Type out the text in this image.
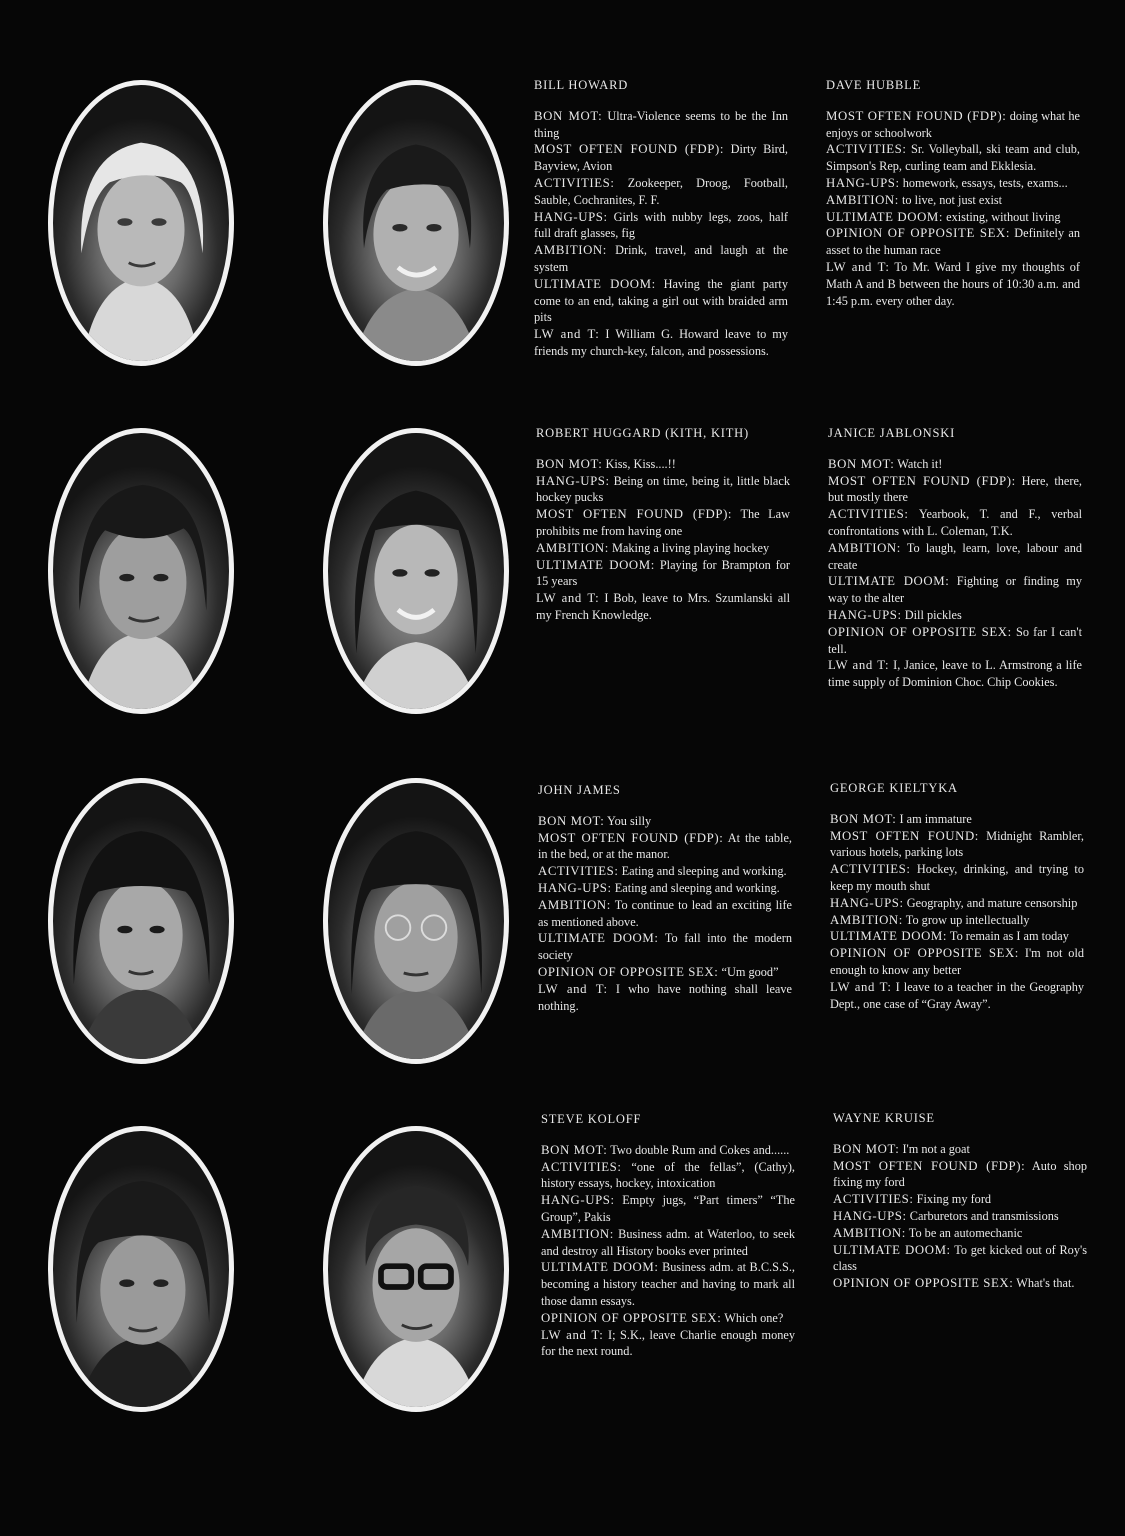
BILL HOWARD

BON MOT: Ultra-Violence seems to be the Inn thing

MOST OFTEN FOUND (FDP): Dirty Bird, Bayview, Avion

ACTIVITIES: Zookeeper, Droog, Football, Sauble, Cochranites, F. F.

HANG-UPS: Girls with nubby legs, zoos, half full draft glasses, fig

AMBITION: Drink, travel, and laugh at the system

ULTIMATE DOOM: Having the giant party come to an end, taking a girl out with braided arm pits

LW and T: I William G. Howard leave to my friends my church-key, falcon, and possessions.

DAVE HUBBLE

MOST OFTEN FOUND (FDP): doing what he enjoys or schoolwork

ACTIVITIES: Sr. Volleyball, ski team and club, Simpson's Rep, curling team and Ekklesia.

HANG-UPS: homework, essays, tests, exams...

AMBITION: to live, not just exist

ULTIMATE DOOM: existing, without living

OPINION OF OPPOSITE SEX: Definitely an asset to the human race

LW and T: To Mr. Ward I give my thoughts of Math A and B between the hours of 10:30 a.m. and 1:45 p.m. every other day.

ROBERT HUGGARD (KITH, KITH)

BON MOT: Kiss, Kiss....!!

HANG-UPS: Being on time, being it, little black hockey pucks

MOST OFTEN FOUND (FDP): The Law prohibits me from having one

AMBITION: Making a living playing hockey

ULTIMATE DOOM: Playing for Brampton for 15 years

LW and T: I Bob, leave to Mrs. Szumlanski all my French Knowledge.

JANICE JABLONSKI

BON MOT: Watch it!

MOST OFTEN FOUND (FDP): Here, there, but mostly there

ACTIVITIES: Yearbook, T. and F., verbal confrontations with L. Coleman, T.K.

AMBITION: To laugh, learn, love, labour and create

ULTIMATE DOOM: Fighting or finding my way to the alter

HANG-UPS: Dill pickles

OPINION OF OPPOSITE SEX: So far I can't tell.

LW and T: I, Janice, leave to L. Armstrong a life time supply of Dominion Choc. Chip Cookies.

JOHN JAMES

BON MOT: You silly

MOST OFTEN FOUND (FDP): At the table, in the bed, or at the manor.

ACTIVITIES: Eating and sleeping and working.

HANG-UPS: Eating and sleeping and working.

AMBITION: To continue to lead an exciting life as mentioned above.

ULTIMATE DOOM: To fall into the modern society

OPINION OF OPPOSITE SEX: “Um good”

LW and T: I who have nothing shall leave nothing.

GEORGE KIELTYKA

BON MOT: I am immature

MOST OFTEN FOUND: Midnight Rambler, various hotels, parking lots

ACTIVITIES: Hockey, drinking, and trying to keep my mouth shut

HANG-UPS: Geography, and mature censorship

AMBITION: To grow up intellectually

ULTIMATE DOOM: To remain as I am today

OPINION OF OPPOSITE SEX: I'm not old enough to know any better

LW and T: I leave to a teacher in the Geography Dept., one case of “Gray Away”.

STEVE KOLOFF

BON MOT: Two double Rum and Cokes and......

ACTIVITIES: “one of the fellas”, (Cathy), history essays, hockey, intoxication

HANG-UPS: Empty jugs, “Part timers” “The Group”, Pakis

AMBITION: Business adm. at Waterloo, to seek and destroy all History books ever printed

ULTIMATE DOOM: Business adm. at B.C.S.S., becoming a history teacher and having to mark all those damn essays.

OPINION OF OPPOSITE SEX: Which one?

LW and T: I; S.K., leave Charlie enough money for the next round.

WAYNE KRUISE

BON MOT: I'm not a goat

MOST OFTEN FOUND (FDP): Auto shop fixing my ford

ACTIVITIES: Fixing my ford

HANG-UPS: Carburetors and transmissions

AMBITION: To be an automechanic

ULTIMATE DOOM: To get kicked out of Roy's class

OPINION OF OPPOSITE SEX: What's that.
